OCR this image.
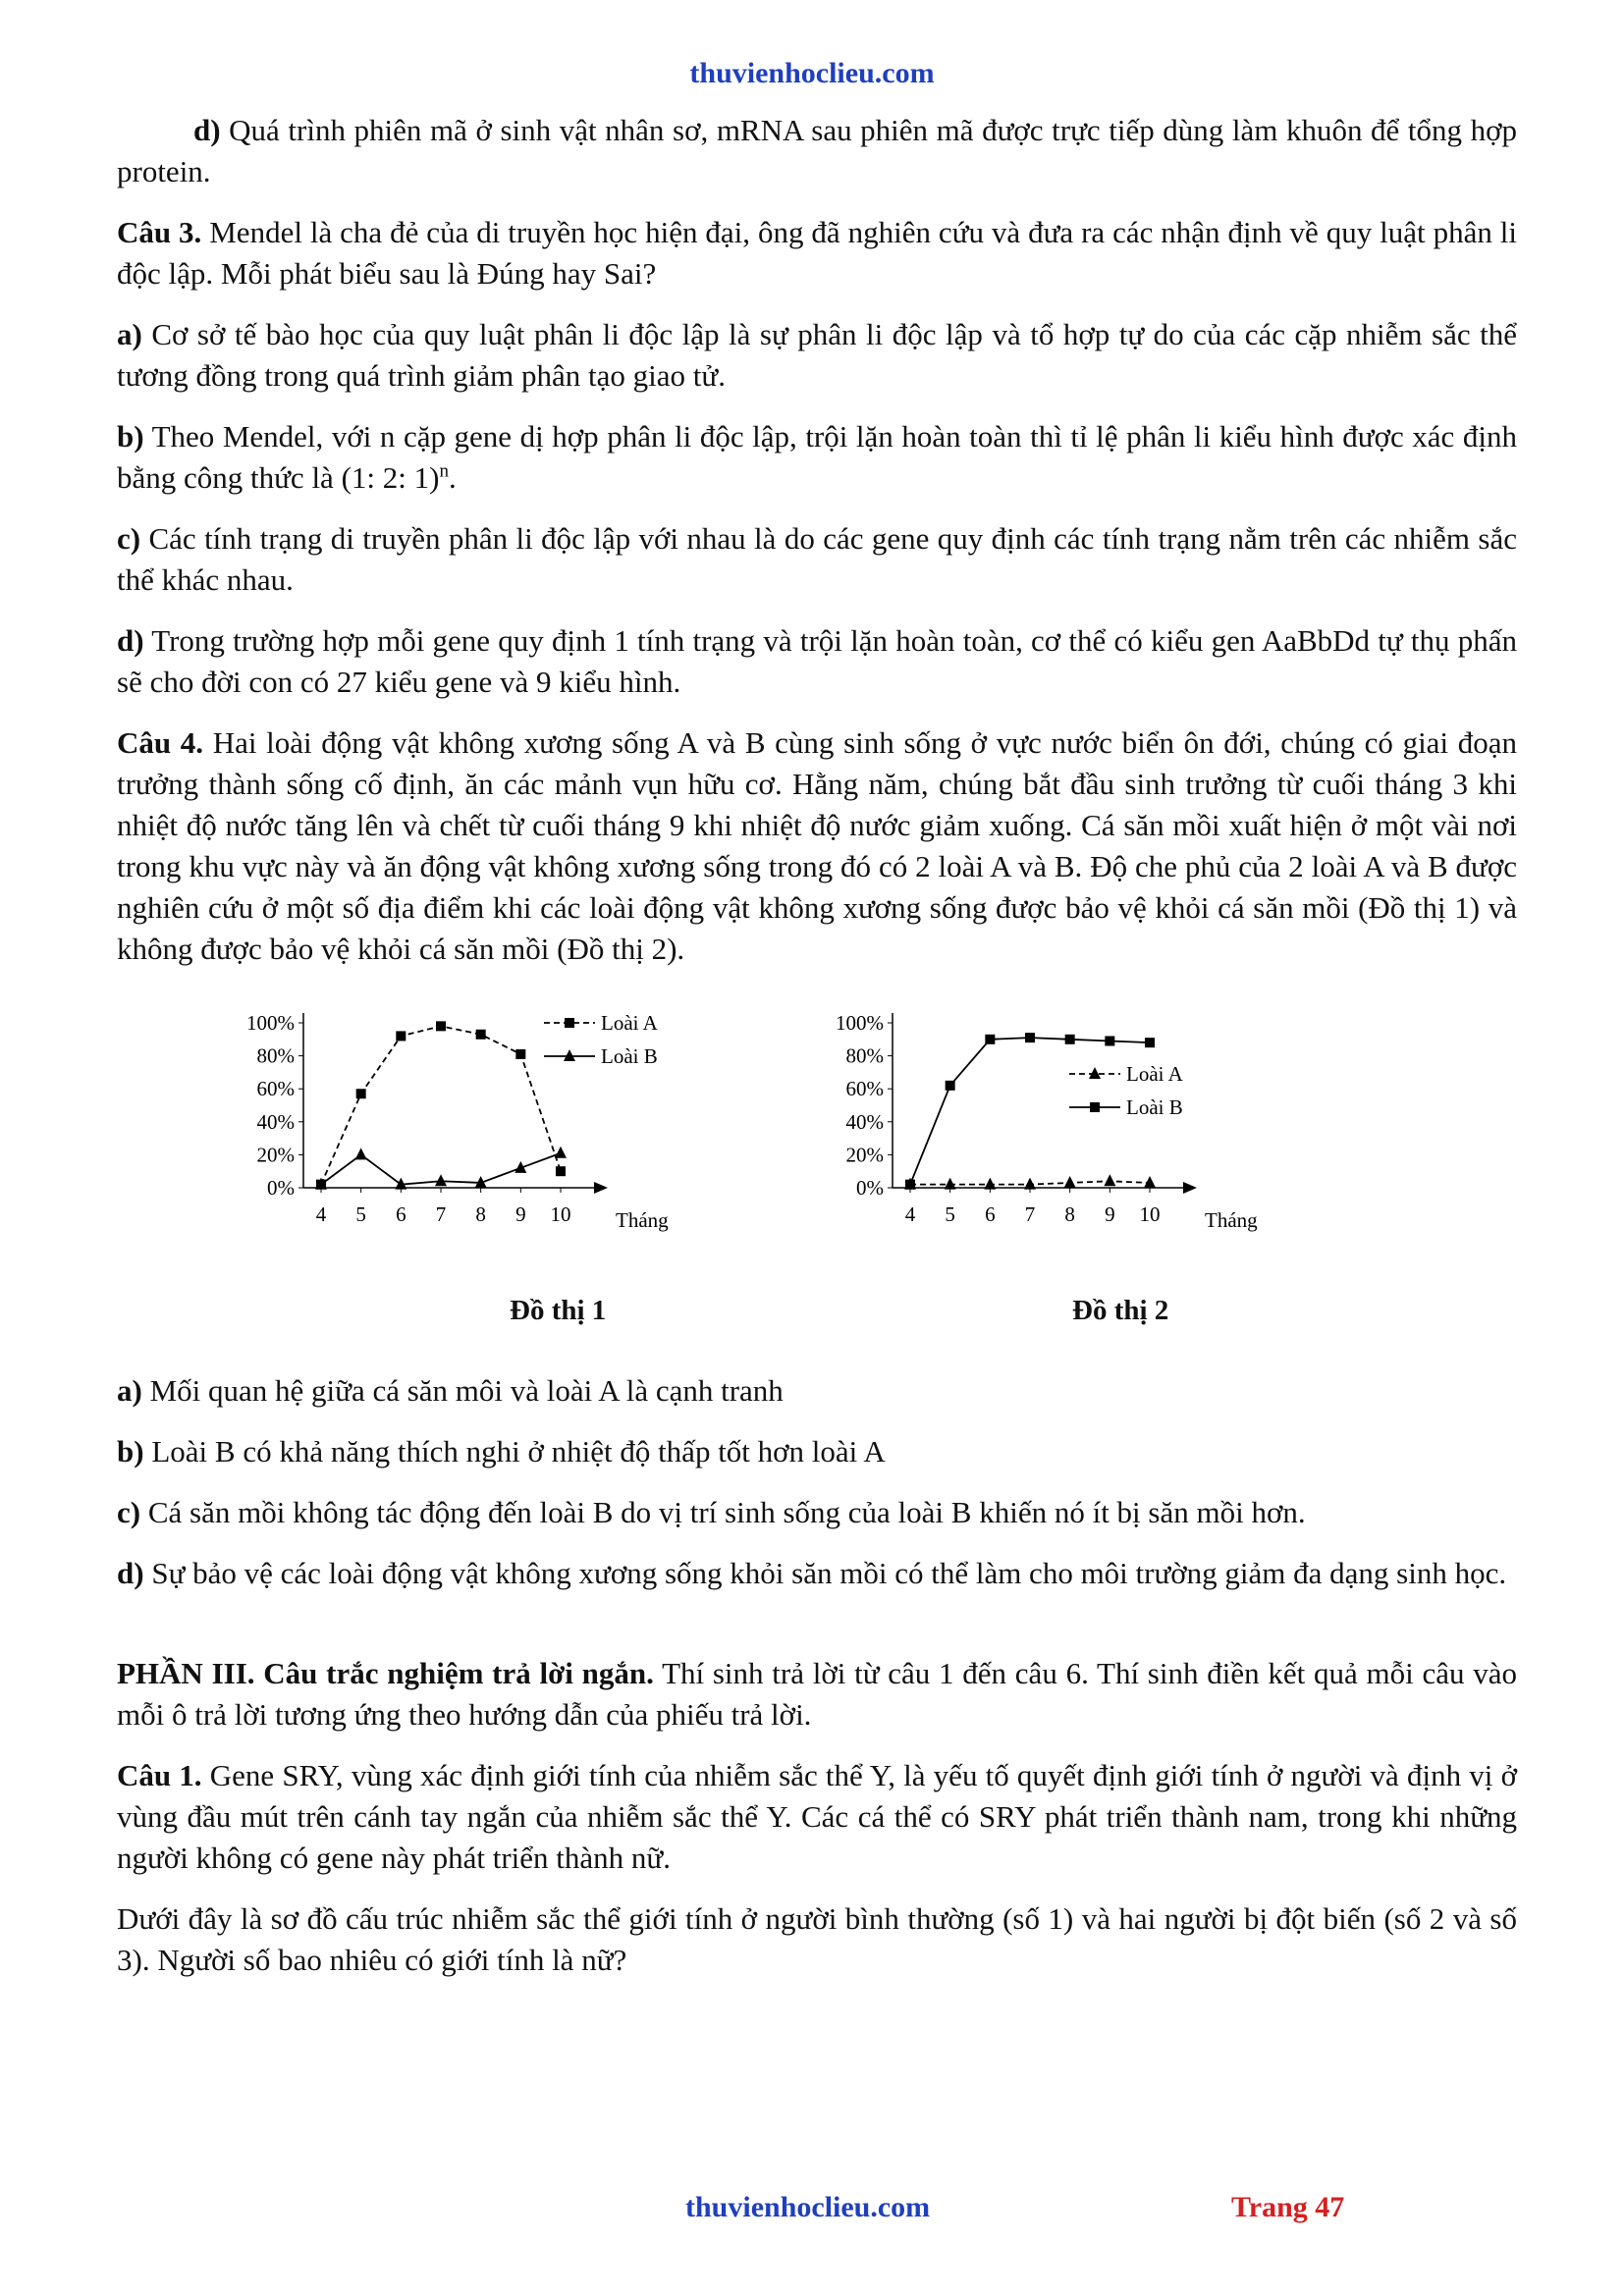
thuvienhoclieu.com

d) Quá trình phiên mã ở sinh vật nhân sơ, mRNA sau phiên mã được trực tiếp dùng làm khuôn để tổng hợp protein.

Câu 3. Mendel là cha đẻ của di truyền học hiện đại, ông đã nghiên cứu và đưa ra các nhận định về quy luật phân li độc lập. Mỗi phát biểu sau là Đúng hay Sai?

a) Cơ sở tế bào học của quy luật phân li độc lập là sự phân li độc lập và tổ hợp tự do của các cặp nhiễm sắc thể tương đồng trong quá trình giảm phân tạo giao tử.

b) Theo Mendel, với n cặp gene dị hợp phân li độc lập, trội lặn hoàn toàn thì tỉ lệ phân li kiểu hình được xác định bằng công thức là (1: 2: 1)$^n$.

c) Các tính trạng di truyền phân li độc lập với nhau là do các gene quy định các tính trạng nằm trên các nhiễm sắc thể khác nhau.

d) Trong trường hợp mỗi gene quy định 1 tính trạng và trội lặn hoàn toàn, cơ thể có kiểu gen AaBbDd tự thụ phấn sẽ cho đời con có 27 kiểu gene và 9 kiểu hình.

Câu 4. Hai loài động vật không xương sống A và B cùng sinh sống ở vực nước biển ôn đới, chúng có giai đoạn trưởng thành sống cố định, ăn các mảnh vụn hữu cơ. Hằng năm, chúng bắt đầu sinh trưởng từ cuối tháng 3 khi nhiệt độ nước tăng lên và chết từ cuối tháng 9 khi nhiệt độ nước giảm xuống. Cá săn mồi xuất hiện ở một vài nơi trong khu vực này và ăn động vật không xương sống trong đó có 2 loài A và B. Độ che phủ của 2 loài A và B được nghiên cứu ở một số địa điểm khi các loài động vật không xương sống được bảo vệ khỏi cá săn mồi (Đồ thị 1) và không được bảo vệ khỏi cá săn mồi (Đồ thị 2).

0%
20%
40%
60%
80%
100%
4 5 6 7 8 9 10 Tháng
Loài A
Loài B
Đồ thị 1
0%
20%
40%
60%
80%
100%
4 5 6 7 8 9 10 Tháng
Loài A
Loài B
Đồ thị 2

a) Mối quan hệ giữa cá săn môi và loài A là cạnh tranh

b) Loài B có khả năng thích nghi ở nhiệt độ thấp tốt hơn loài A

c) Cá săn mồi không tác động đến loài B do vị trí sinh sống của loài B khiến nó ít bị săn mồi hơn.

d) Sự bảo vệ các loài động vật không xương sống khỏi săn mồi có thể làm cho môi trường giảm đa dạng sinh học.

PHẦN III. Câu trắc nghiệm trả lời ngắn. Thí sinh trả lời từ câu 1 đến câu 6. Thí sinh điền kết quả mỗi câu vào mỗi ô trả lời tương ứng theo hướng dẫn của phiếu trả lời.

Câu 1. Gene SRY, vùng xác định giới tính của nhiễm sắc thể Y, là yếu tố quyết định giới tính ở người và định vị ở vùng đầu mút trên cánh tay ngắn của nhiễm sắc thể Y. Các cá thể có SRY phát triển thành nam, trong khi những người không có gene này phát triển thành nữ.

Dưới đây là sơ đồ cấu trúc nhiễm sắc thể giới tính ở người bình thường (số 1) và hai người bị đột biến (số 2 và số 3). Người số bao nhiêu có giới tính là nữ?

thuvienhoclieu.com	Trang 47
